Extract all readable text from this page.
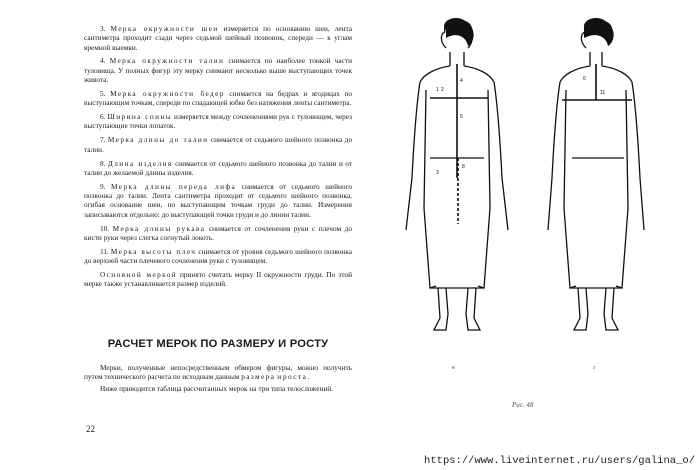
3. Мерка окружности шеи измеряется по основанию шеи, лента сантиметра проходит сзади через седьмой шейный позвонок, спереди — к углам яремной выемки.

4. Мерка окружности талии снимается по наиболее тонкой части туловища. У полных фигур эту мерку снимают несколько выше выступающих точек живота.

5. Мерка окружности бедер снимается на бедрах и ягодицах по выступающим точкам, спереди по спадающей юбке без натяжения ленты сантиметра.

6. Ширина спины измеряется между сочленениями рук с туловищем, через выступающие точки лопаток.

7. Мерка длины до талии снимается от седьмого шейного позвонка до талии.

8. Длина изделия снимается от седьмого шейного позвонка до талии и от талии до желаемой длины изделия.

9. Мерка длины переда лифа снимается от седьмого шейного позвонка до талии. Лента сантиметра проходит от седьмого шейного позвонка, огибая основание шеи, по выступающим точкам груди до талии. Измерения записываются отдельно: до выступающей точки груди и до линии талии.

10. Мерка длины рукава снимается от сочленения руки с плечом до кисти руки через слегка согнутый локоть.

11. Мерка высоты плеч снимается от уровня седьмого шейного позвонка до верхней части плечевого сочленения руки с туловищем.

Основной меркой принято считать мерку II окружности груди. По этой мерке также устанавливается размер изделий.

РАСЧЕТ МЕРОК ПО РАЗМЕРУ И РОСТУ

Мерки, полученные непосредственным обмером фигуры, можно получить путем технического расчета по исходным данным размера и роста.

Ниже приводится таблица рассчитанных мерок на три типа телосложений.

22
1 2
4
5
3
8
6
11
в	г
Рис. 48
https://www.liveinternet.ru/users/galina_o/
